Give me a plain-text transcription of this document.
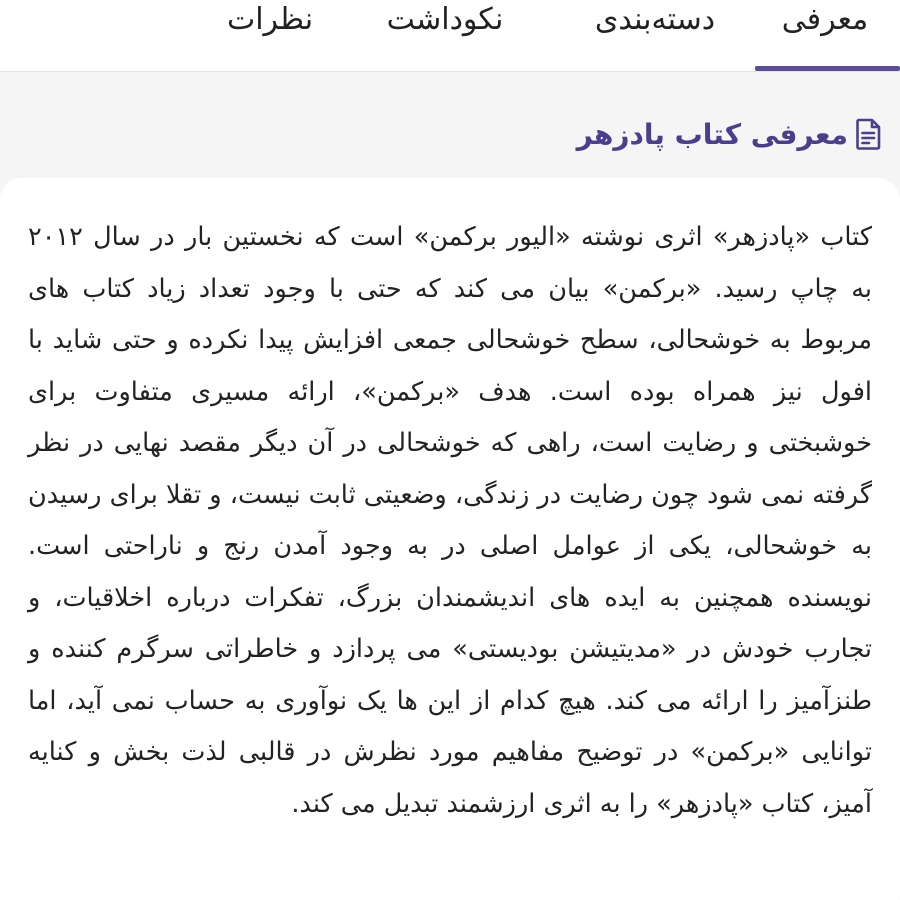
معرفی
دسته‌بندی
نکوداشت
نظرات
معرفی کتاب پادزهر

کتاب «پادزهر» اثری نوشته «الیور برکمن» است که نخستین بار در سال ۲۰۱۲ به چاپ رسید. «برکمن» بیان می کند که حتی با وجود تعداد زیاد کتاب های مربوط به خوشحالی، سطح خوشحالی جمعی افزایش پیدا نکرده و حتی شاید با افول نیز همراه بوده است. هدف «برکمن»، ارائه مسیری متفاوت برای خوشبختی و رضایت است، راهی که خوشحالی در آن دیگر مقصد نهایی در نظر گرفته نمی شود چون رضایت در زندگی، وضعیتی ثابت نیست، و تقلا برای رسیدن به خوشحالی، یکی از عوامل اصلی در به وجود آمدن رنج و ناراحتی است. نویسنده همچنین به ایده های اندیشمندان بزرگ، تفکرات درباره اخلاقیات، و تجارب خودش در «مدیتیشن بودیستی» می پردازد و خاطراتی سرگرم کننده و طنزآمیز را ارائه می کند. هیچ کدام از این ها یک نوآوری به حساب نمی آید، اما توانایی «برکمن» در توضیح مفاهیم مورد نظرش در قالبی لذت بخش و کنایه آمیز، کتاب «پادزهر» را به اثری ارزشمند تبدیل می کند.
